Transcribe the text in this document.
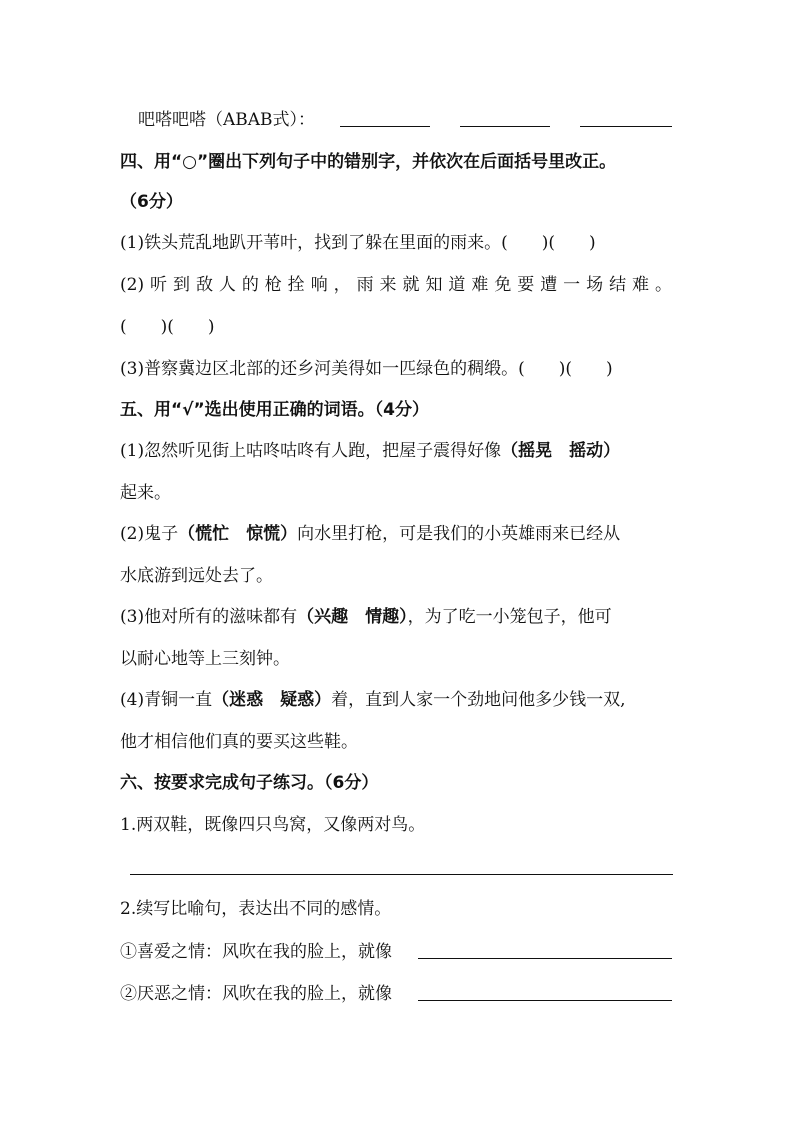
吧嗒吧嗒（ABAB式）：
四、用“○”圈出下列句子中的错别字，并依次在后面括号里改正。
（6分）
(1)铁头荒乱地趴开苇叶，找到了躲在里面的雨来。(　　)(　　)
(2)听到敌人的枪拴响，雨来就知道难免要遭一场结难。
(　　)(　　)
(3)普察冀边区北部的还乡河美得如一匹绿色的稠缎。(　　)(　　)
五、用“√”选出使用正确的词语。（4分）
(1)忽然听见街上咕咚咕咚有人跑，把屋子震得好像（摇晃　摇动）
起来。
(2)鬼子（慌忙　惊慌）向水里打枪，可是我们的小英雄雨来已经从
水底游到远处去了。
(3)他对所有的滋味都有（兴趣　情趣），为了吃一小笼包子，他可
以耐心地等上三刻钟。
(4)青铜一直（迷惑　疑惑）着，直到人家一个劲地问他多少钱一双,
他才相信他们真的要买这些鞋。
六、按要求完成句子练习。（6分）
1.两双鞋，既像四只鸟窝，又像两对鸟。
2.续写比喻句，表达出不同的感情。
①喜爱之情：风吹在我的脸上，就像
②厌恶之情：风吹在我的脸上，就像
